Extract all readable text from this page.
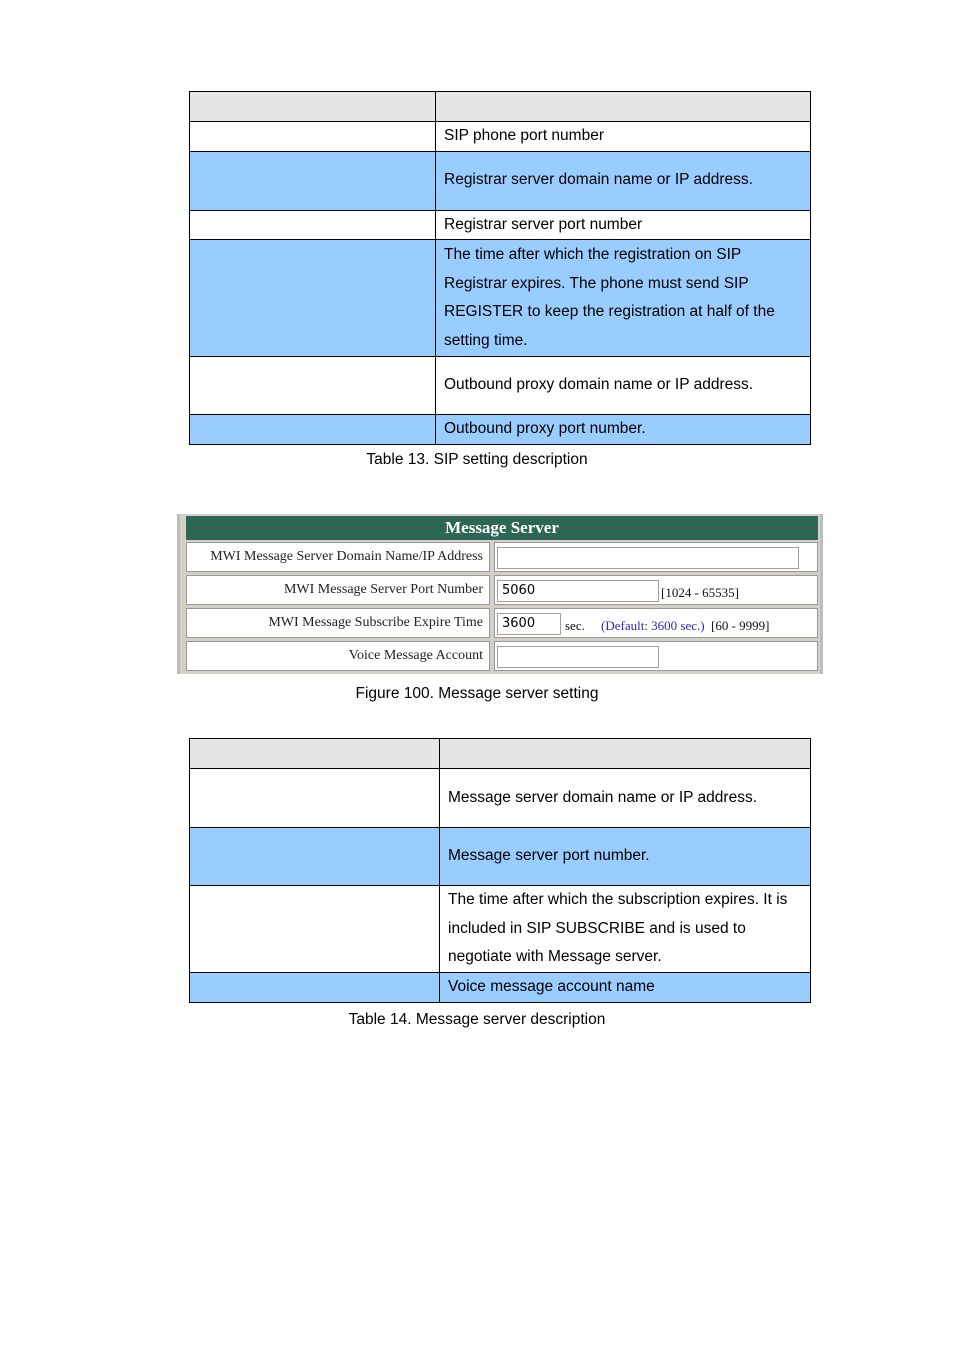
	SIP phone port number
	Registrar server domain name or IP address.
	Registrar server port number

	The time after which the registration on SIP
Registrar expires. The phone must send SIP
REGISTER to keep the registration at half of the
setting time.

	Outbound proxy domain name or IP address.
	Outbound proxy port number.
Table 13. SIP setting description
Message Server
MWI Message Server Domain Name/IP Address
MWI Message Server Port Number	5060	[1024 - 65535]
MWI Message Subscribe Expire Time	3600	sec. (Default: 3600 sec.) [60 - 9999]
Voice Message Account
Figure 100. Message server setting

	Message server domain name or IP address.
	Message server port number.

	The time after which the subscription expires. It is
included in SIP SUBSCRIBE and is used to
negotiate with Message server.

	Voice message account name
Table 14. Message server description
